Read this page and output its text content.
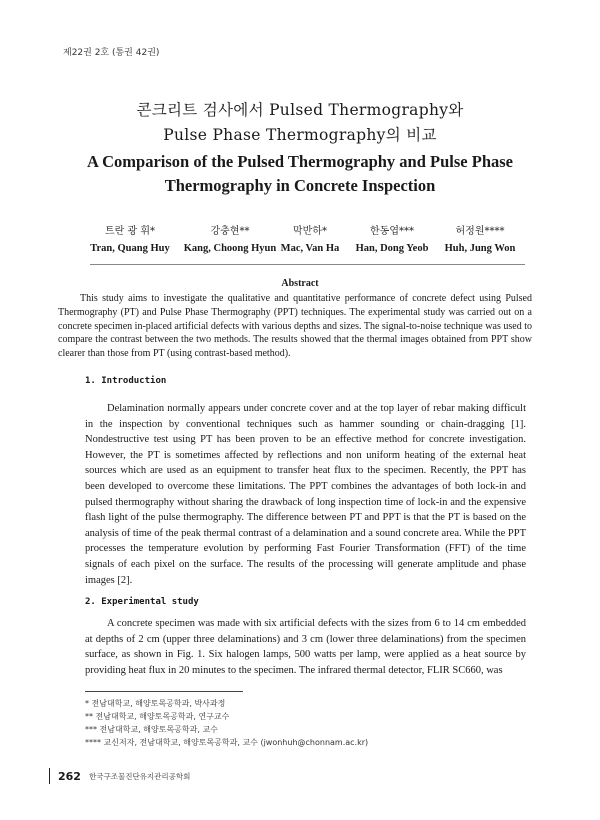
제22권 2호 (통권 42권)
콘크리트 검사에서 Pulsed Thermography와
Pulse Phase Thermography의 비교
A Comparison of the Pulsed Thermography and Pulse Phase
Thermography in Concrete Inspection
트란 광 휘*
Tran, Quang Huy
강충현**
Kang, Choong Hyun
막반하*
Mac, Van Ha
한동엽***
Han, Dong Yeob
허정원****
Huh, Jung Won
Abstract
This study aims to investigate the qualitative and quantitative performance of concrete defect using Pulsed Thermography (PT) and Pulse Phase Thermography (PPT) techniques. The experimental study was carried out on a concrete specimen in-placed artificial defects with various depths and sizes. The signal-to-noise technique was used to compare the contrast between the two methods. The results showed that the thermal images obtained from PPT show clearer than those from PT (using contrast-based method).
1. Introduction
Delamination normally appears under concrete cover and at the top layer of rebar making difficult in the inspection by conventional techniques such as hammer sounding or chain-dragging [1]. Nondestructive test using PT has been proven to be an effective method for concrete investigation. However, the PT is sometimes affected by reflections and non uniform heating of the external heat sources which are used as an equipment to transfer heat flux to the specimen. Recently, the PPT has been developed to overcome these limitations. The PPT combines the advantages of both lock-in and pulsed thermography without sharing the drawback of long inspection time of lock-in and the expensive flash light of the pulse thermography. The difference between PT and PPT is that the PT is based on the analysis of time of the peak thermal contrast of a delamination and a sound concrete area. While the PPT processes the temperature evolution by performing Fast Fourier Transformation (FFT) of the time signals of each pixel on the surface. The results of the processing will generate amplitude and phase images [2].
2. Experimental study
A concrete specimen was made with six artificial defects with the sizes from 6 to 14 cm embedded at depths of 2 cm (upper three delaminations) and 3 cm (lower three delaminations) from the specimen surface, as shown in Fig. 1. Six halogen lamps, 500 watts per lamp, were applied as a heat source by providing heat flux in 20 minutes to the specimen. The infrared thermal detector, FLIR SC660, was
* 전남대학교, 해양토목공학과, 박사과정
** 전남대학교, 해양토목공학과, 연구교수
*** 전남대학교, 해양토목공학과, 교수
**** 교신저자, 전남대학교, 해양토목공학과, 교수 (jwonhuh@chonnam.ac.kr)
262 한국구조물진단유지관리공학회
